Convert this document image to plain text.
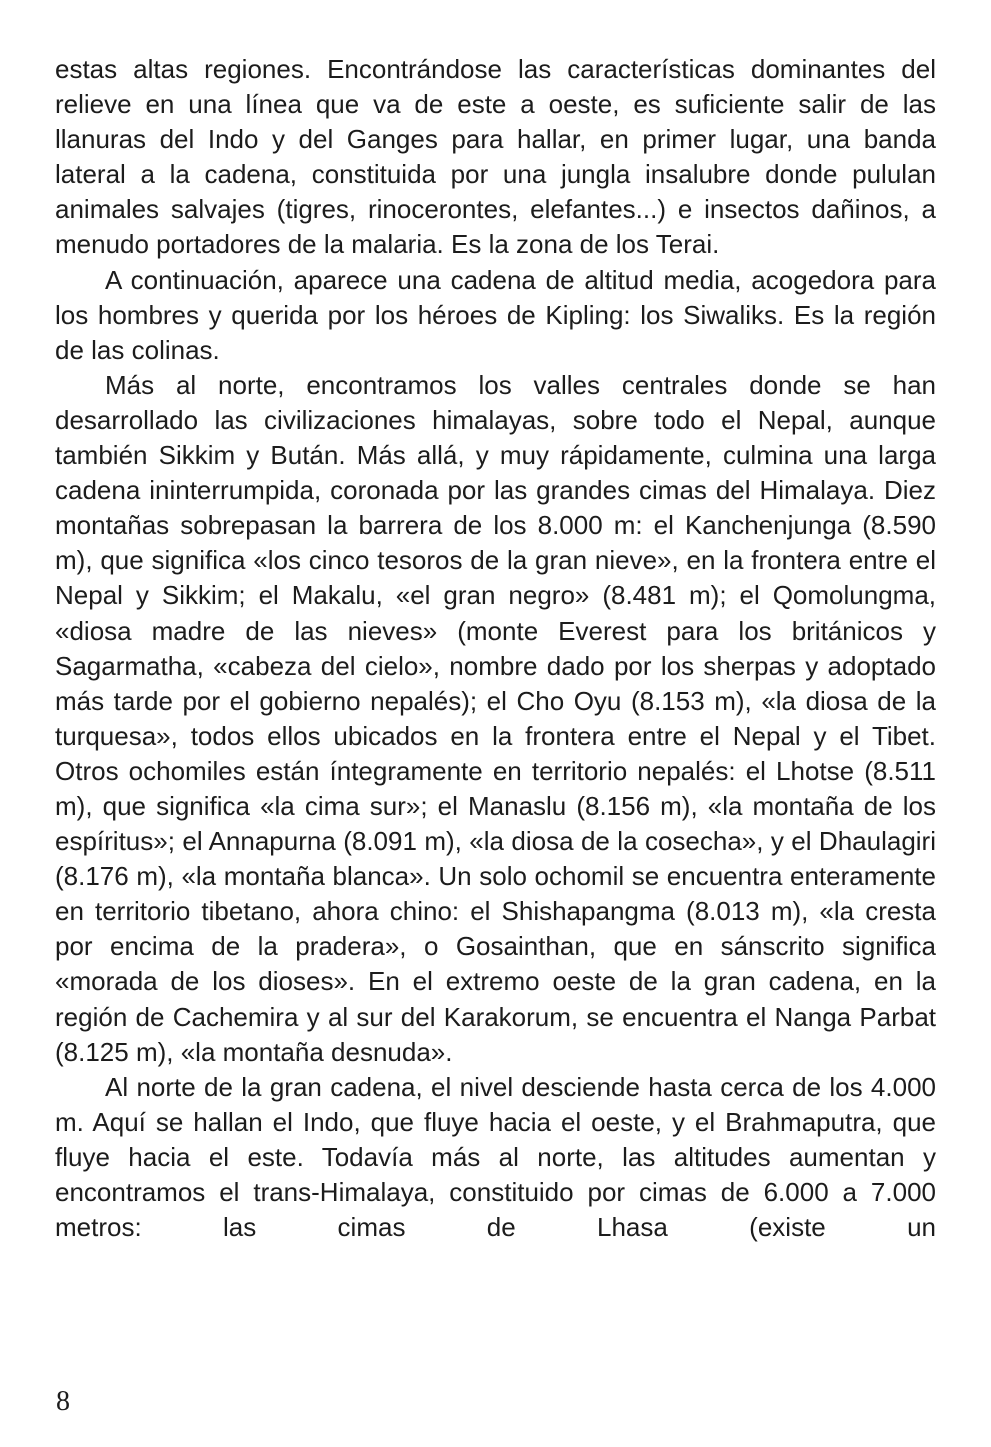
estas altas regiones. Encontrándose las características dominantes del relieve en una línea que va de este a oeste, es suficiente salir de las llanuras del Indo y del Ganges para hallar, en primer lugar, una banda lateral a la cadena, constituida por una jungla insalubre donde pululan animales salvajes (tigres, rinocerontes, elefantes...) e insectos dañinos, a menudo portadores de la malaria. Es la zona de los Terai.

A continuación, aparece una cadena de altitud media, acogedora para los hombres y querida por los héroes de Kipling: los Siwaliks. Es la región de las colinas.

Más al norte, encontramos los valles centrales donde se han desarrollado las civilizaciones himalayas, sobre todo el Nepal, aunque también Sikkim y Bután. Más allá, y muy rápidamente, culmina una larga cadena ininterrumpida, coronada por las grandes cimas del Himalaya. Diez montañas sobrepasan la barrera de los 8.000 m: el Kanchenjunga (8.590 m), que significa «los cinco tesoros de la gran nieve», en la frontera entre el Nepal y Sikkim; el Makalu, «el gran negro» (8.481 m); el Qomolungma, «diosa madre de las nieves» (monte Everest para los británicos y Sagarmatha, «cabeza del cielo», nombre dado por los sherpas y adoptado más tarde por el gobierno nepalés); el Cho Oyu (8.153 m), «la diosa de la turquesa», todos ellos ubicados en la frontera entre el Nepal y el Tibet. Otros ochomiles están íntegramente en territorio nepalés: el Lhotse (8.511 m), que significa «la cima sur»; el Manaslu (8.156 m), «la montaña de los espíritus»; el Annapurna (8.091 m), «la diosa de la cosecha», y el Dhaulagiri (8.176 m), «la montaña blanca». Un solo ochomil se encuentra enteramente en territorio tibetano, ahora chino: el Shishapangma (8.013 m), «la cresta por encima de la pradera», o Gosainthan, que en sánscrito significa «morada de los dioses». En el extremo oeste de la gran cadena, en la región de Cachemira y al sur del Karakorum, se encuentra el Nanga Parbat (8.125 m), «la montaña desnuda».

Al norte de la gran cadena, el nivel desciende hasta cerca de los 4.000 m. Aquí se hallan el Indo, que fluye hacia el oeste, y el Brahmaputra, que fluye hacia el este. Todavía más al norte, las altitudes aumentan y encontramos el trans-Himalaya, constituido por cimas de 6.000 a 7.000 metros: las cimas de Lhasa (existe un

8
